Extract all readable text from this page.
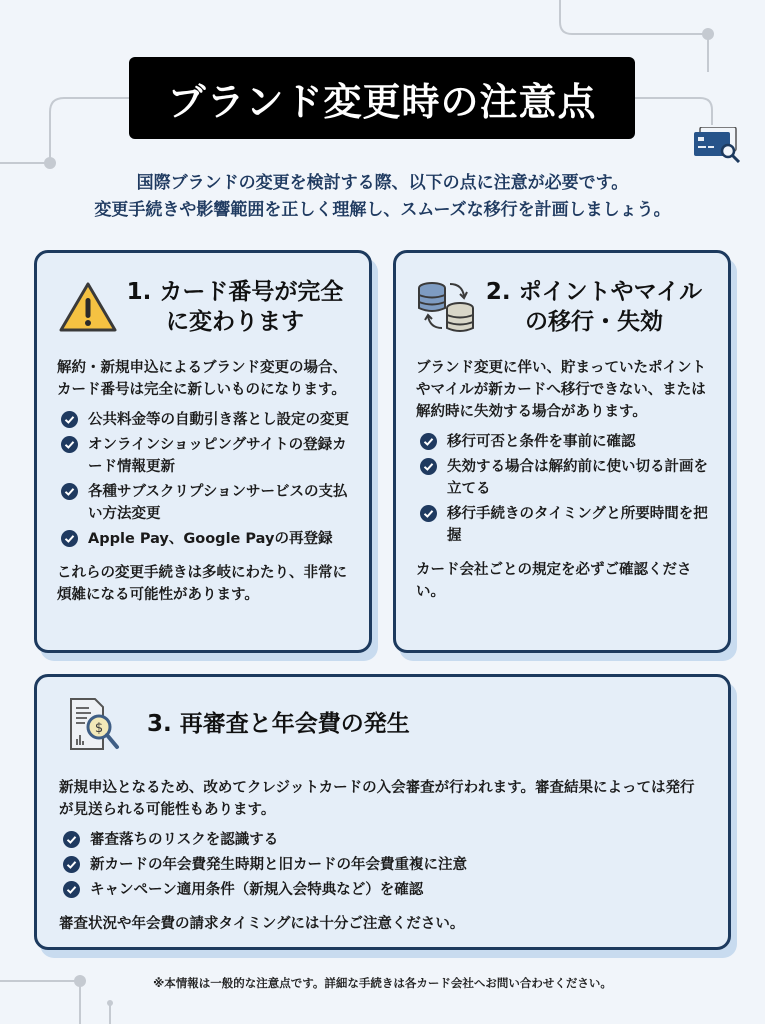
ブランド変更時の注意点
国際ブランドの変更を検討する際、以下の点に注意が必要です。
変更手続きや影響範囲を正しく理解し、スムーズな移行を計画しましょう。
1. カード番号が完全
に変わります

解約・新規申込によるブランド変更の場合、カード番号は完全に新しいものになります。

公共料金等の自動引き落とし設定の変更
オンラインショッピングサイトの登録カード情報更新
各種サブスクリプションサービスの支払い方法変更
Apple Pay、Google Payの再登録

これらの変更手続きは多岐にわたり、非常に煩雑になる可能性があります。

2. ポイントやマイル
の移行・失効

ブランド変更に伴い、貯まっていたポイントやマイルが新カードへ移行できない、または解約時に失効する場合があります。

移行可否と条件を事前に確認
失効する場合は解約前に使い切る計画を立てる
移行手続きのタイミングと所要時間を把握

カード会社ごとの規定を必ずご確認ください。

$ 3. 再審査と年会費の発生

新規申込となるため、改めてクレジットカードの入会審査が行われます。審査結果によっては発行が見送られる可能性もあります。

審査落ちのリスクを認識する
新カードの年会費発生時期と旧カードの年会費重複に注意
キャンペーン適用条件（新規入会特典など）を確認

審査状況や年会費の請求タイミングには十分ご注意ください。

※本情報は一般的な注意点です。詳細な手続きは各カード会社へお問い合わせください。
